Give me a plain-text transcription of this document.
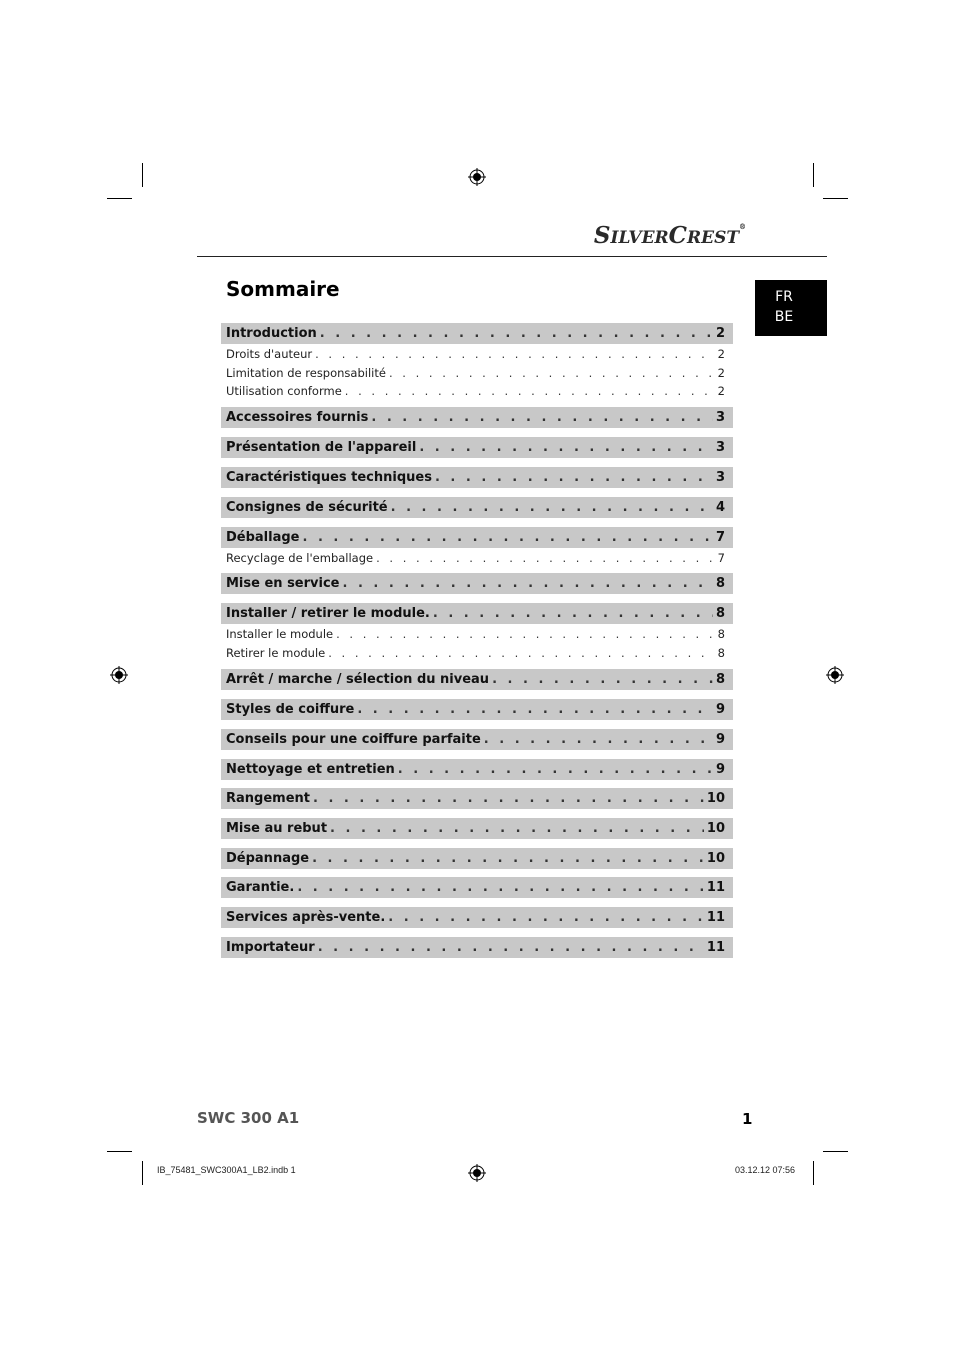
SILVERCREST®
FR
BE
Sommaire
Introduction . . .	2
Droits d'auteur . . .	2
Limitation de responsabilité . . .	2
Utilisation conforme . . .	2
Accessoires fournis . . .	3
Présentation de l'appareil . . .	3
Caractéristiques techniques . . .	3
Consignes de sécurité . . .	4
Déballage . . .	7
Recyclage de l'emballage . . .	7
Mise en service . . .	8
Installer / retirer le module. . . .	8
Installer le module . . .	8
Retirer le module . . .	8
Arrêt / marche / sélection du niveau . . .	8
Styles de coiffure . . .	9
Conseils pour une coiffure parfaite . . .	9
Nettoyage et entretien . . .	9
Rangement . . .	10
Mise au rebut . . .	10
Dépannage . . .	10
Garantie. . . .	11
Services après-vente. . . .	11
Importateur . . .	11
SWC 300 A1	1
IB_75481_SWC300A1_LB2.indb 1	03.12.12 07:56
